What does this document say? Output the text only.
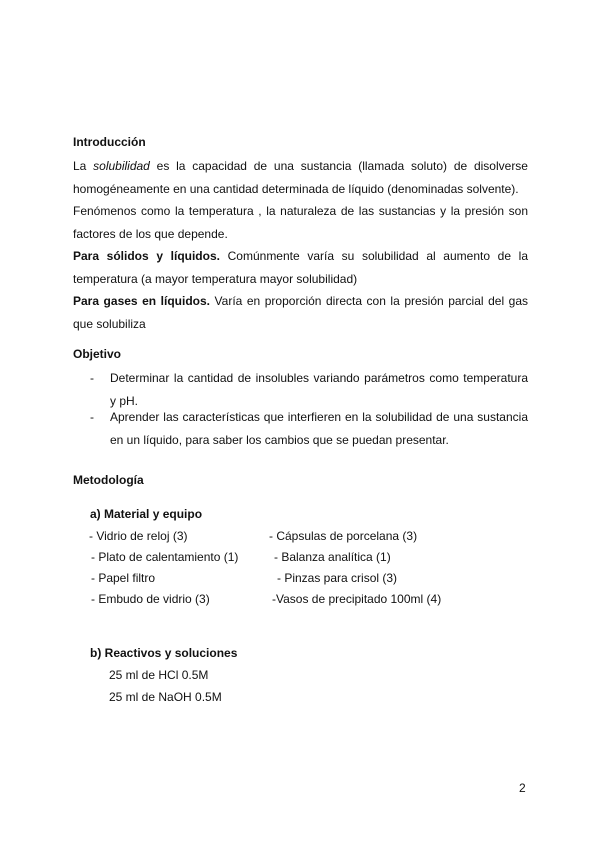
Introducción
La solubilidad es la capacidad de una sustancia (llamada soluto) de disolverse
homogéneamente en una cantidad determinada de líquido (denominadas solvente).
Fenómenos como la temperatura , la naturaleza de las sustancias y la presión son
factores de los que depende.
Para sólidos y líquidos. Comúnmente varía su solubilidad al aumento de la
temperatura (a mayor temperatura mayor solubilidad)
Para gases en líquidos. Varía en proporción directa con la presión parcial del gas
que solubiliza
Objetivo
- Determinar la cantidad de insolubles variando parámetros como temperatura
y pH.
- Aprender las características que interfieren en la solubilidad de una sustancia
en un líquido, para saber los cambios que se puedan presentar.
Metodología
a) Material y equipo
- Vidrio de reloj (3)
- Plato de calentamiento (1)
- Papel filtro
- Embudo de vidrio (3)
- Cápsulas de porcelana (3)
- Balanza analítica (1)
- Pinzas para crisol (3)
-Vasos de precipitado 100ml (4)
b) Reactivos y soluciones
25 ml de HCl 0.5M
25 ml de NaOH 0.5M
2
